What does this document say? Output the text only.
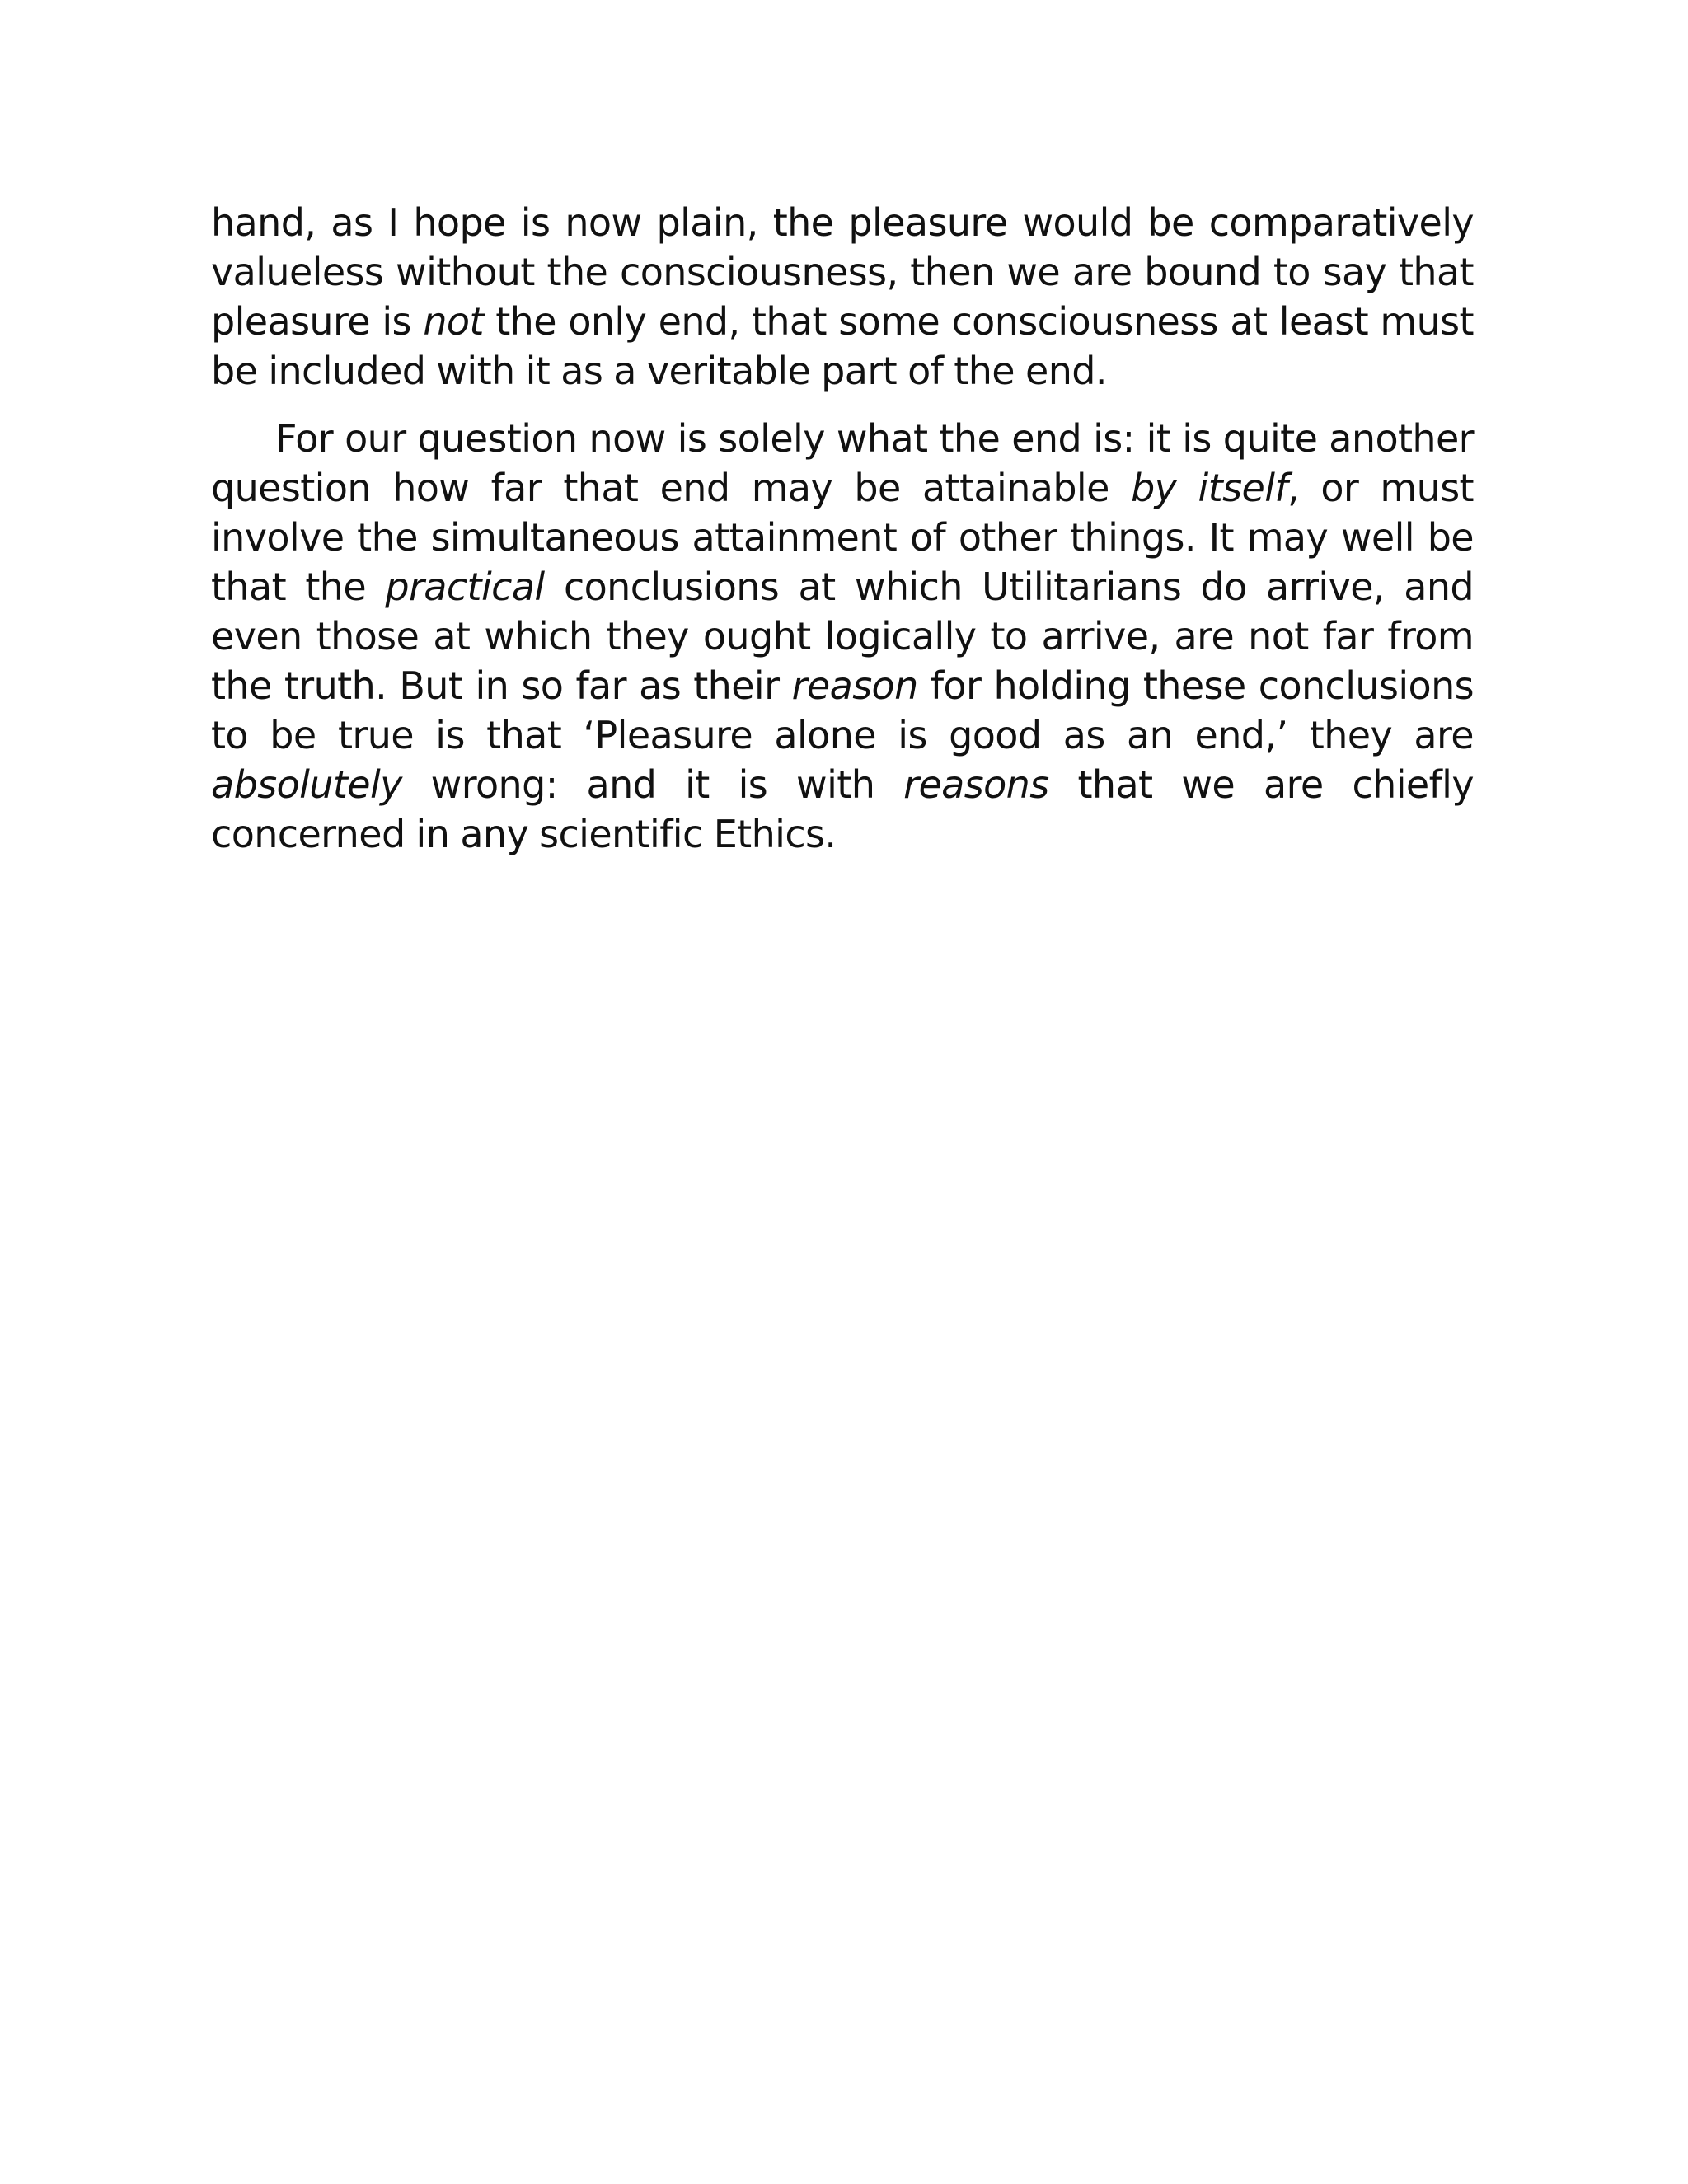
hand, as I hope is now plain, the pleasure would be comparatively valueless without the consciousness, then we are bound to say that pleasure is not the only end, that some consciousness at least must be included with it as a veritable part of the end.

For our question now is solely what the end is: it is quite another question how far that end may be attainable by itself, or must involve the simultaneous attainment of other things. It may well be that the practical conclusions at which Utilitarians do arrive, and even those at which they ought logically to arrive, are not far from the truth. But in so far as their reason for holding these conclusions to be true is that ‘Pleasure alone is good as an end,’ they are absolutely wrong: and it is with reasons that we are chiefly concerned in any scientific Ethics.
